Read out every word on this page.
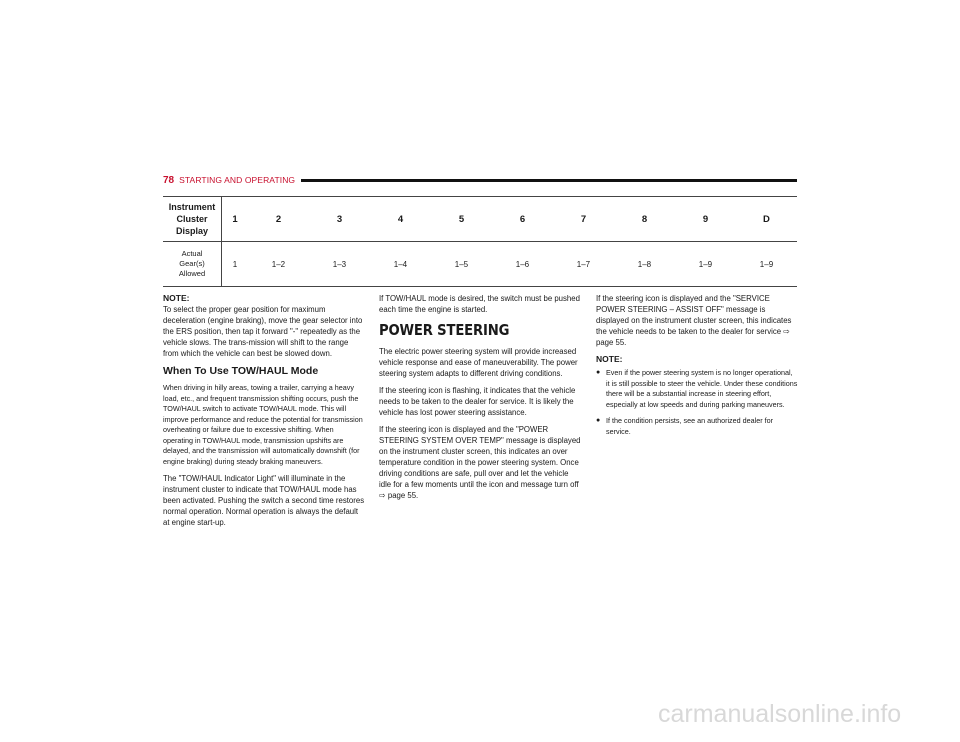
78 STARTING AND OPERATING
Instrument
Cluster
Display	1	2	3	4	5	6	7	8	9	D

Actual
Gear(s)
Allowed	1	1–2	1–3	1–4	1–5	1–6	1–7	1–8	1–9	1–9
NOTE:

To select the proper gear position for maximum deceleration (engine braking), move the gear selector into the ERS position, then tap it forward "-" repeatedly as the vehicle slows. The trans-mission will shift to the range from which the vehicle can best be slowed down.

When To Use TOW/HAUL Mode

When driving in hilly areas, towing a trailer, carrying a heavy load, etc., and frequent transmission shifting occurs, push the TOW/HAUL switch to activate TOW/HAUL mode. This will improve performance and reduce the potential for transmission overheating or failure due to excessive shifting. When operating in TOW/HAUL mode, transmission upshifts are delayed, and the transmission will automatically downshift (for engine braking) during steady braking maneuvers.

The "TOW/HAUL Indicator Light" will illuminate in the instrument cluster to indicate that TOW/HAUL mode has been activated. Pushing the switch a second time restores normal operation. Normal operation is always the default at engine start-up.

If TOW/HAUL mode is desired, the switch must be pushed each time the engine is started.

POWER STEERING

The electric power steering system will provide increased vehicle response and ease of maneuverability. The power steering system adapts to different driving conditions.

If the steering icon is flashing, it indicates that the vehicle needs to be taken to the dealer for service. It is likely the vehicle has lost power steering assistance.

If the steering icon is displayed and the "POWER STEERING SYSTEM OVER TEMP" message is displayed on the instrument cluster screen, this indicates an over temperature condition in the power steering system. Once driving conditions are safe, pull over and let the vehicle idle for a few moments until the icon and message turn off
⇨ page 55.

If the steering icon is displayed and the "SERVICE POWER STEERING – ASSIST OFF" message is displayed on the instrument cluster screen, this indicates the vehicle needs to be taken to the dealer for service ⇨ page 55.

NOTE:
● Even if the power steering system is no longer operational, it is still possible to steer the vehicle. Under these conditions there will be a substantial increase in steering effort, especially at low speeds and during parking maneuvers.
● If the condition persists, see an authorized dealer for service.
carmanualsonline.info
